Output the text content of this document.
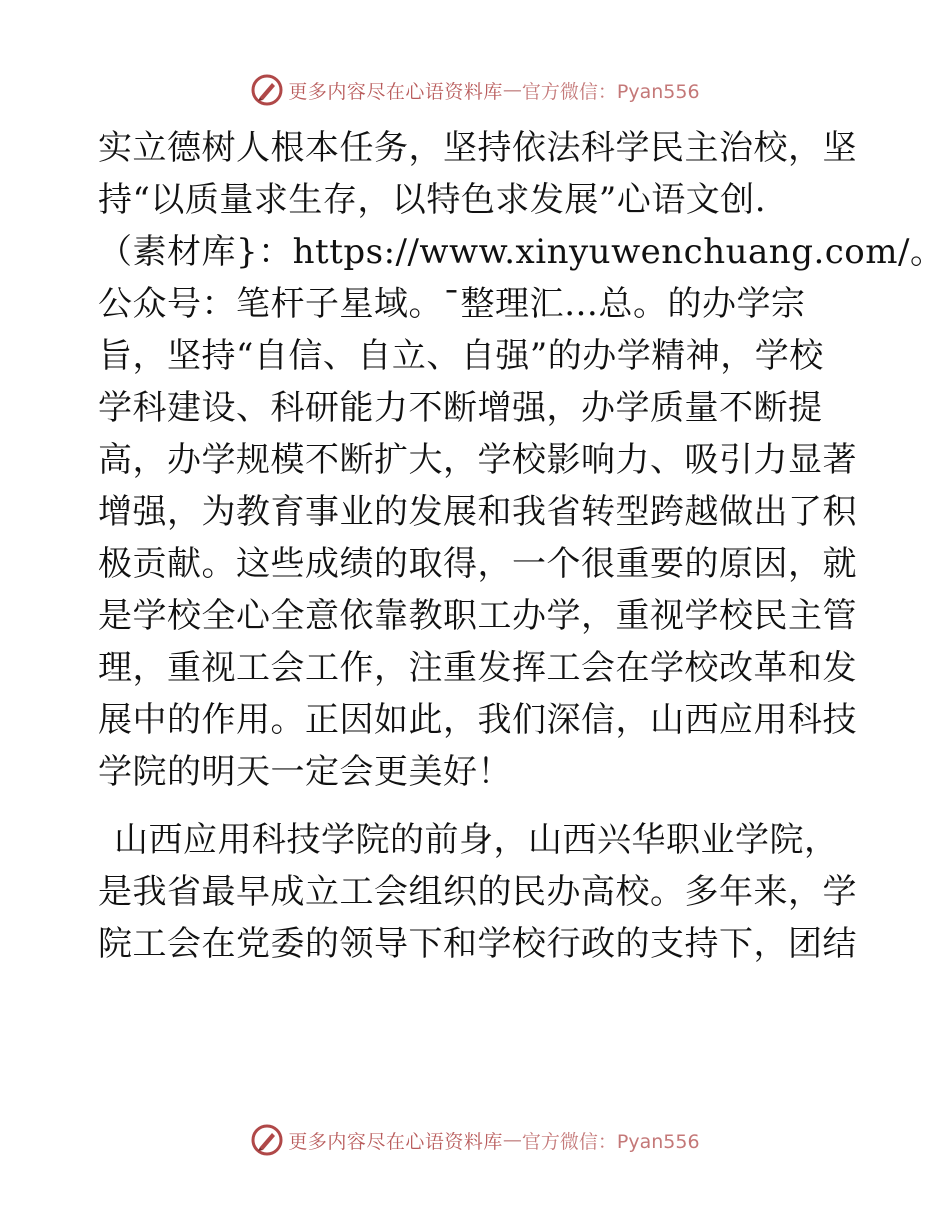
更多内容尽在心语资料库 — 官方微信：Pyan556
实立德树人根本任务，坚持依法科学民主治校，坚
持“以质量求生存，以特色求发展”心语文创.
（素材库}：https://www.xinyuwenchuang.com/。
公众号：笔杆子星域。¯整理汇…总。的办学宗
旨，坚持“自信、自立、自强”的办学精神，学校
学科建设、科研能力不断增强，办学质量不断提
高，办学规模不断扩大，学校影响力、吸引力显著
增强，为教育事业的发展和我省转型跨越做出了积
极贡献。这些成绩的取得，一个很重要的原因，就
是学校全心全意依靠教职工办学，重视学校民主管
理，重视工会工作，注重发挥工会在学校改革和发
展中的作用。正因如此，我们深信，山西应用科技
学院的明天一定会更美好！
山西应用科技学院的前身，山西兴华职业学院，
是我省最早成立工会组织的民办高校。多年来，学
院工会在党委的领导下和学校行政的支持下，团结
更多内容尽在心语资料库 — 官方微信：Pyan556
